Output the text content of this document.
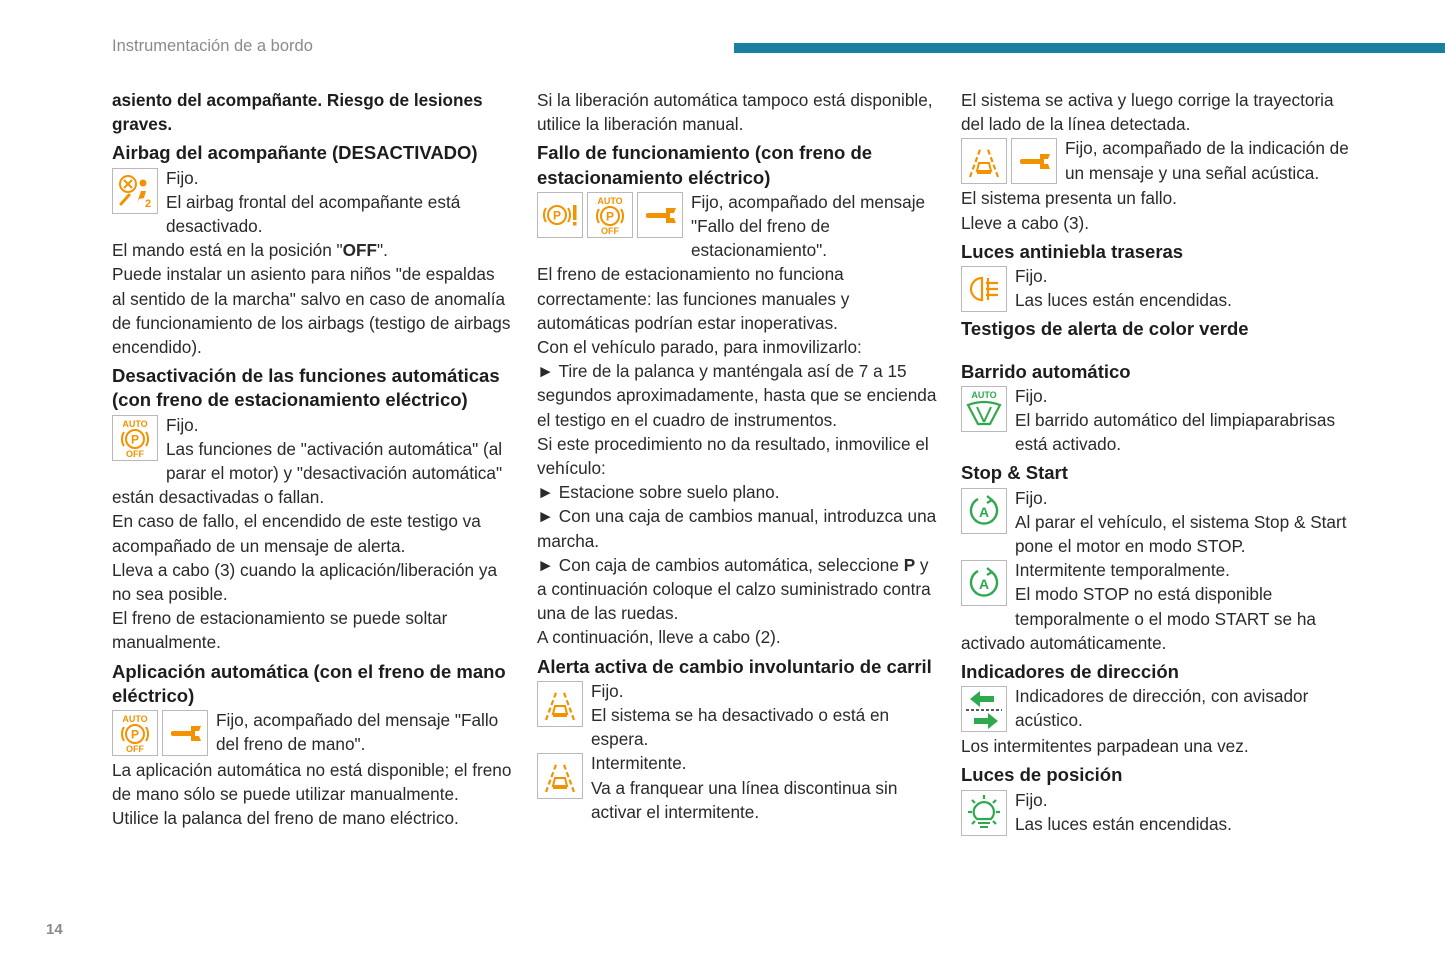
Instrumentación de a bordo

asiento del acompañante. Riesgo de lesiones graves.

Airbag del acompañante (DESACTIVADO)
2

Fijo.

El airbag frontal del acompañante está desactivado.

El mando está en la posición "OFF".

Puede instalar un asiento para niños "de espaldas al sentido de la marcha" salvo en caso de anomalía de funcionamiento de los airbags (testigo de airbags encendido).

Desactivación de las funciones automáticas (con freno de estacionamiento eléctrico)
AUTO
P
OFF

Fijo.

Las funciones de "activación automática" (al parar el motor) y "desactivación automática" están desactivadas o fallan.

En caso de fallo, el encendido de este testigo va acompañado de un mensaje de alerta.

Lleva a cabo (3) cuando la aplicación/liberación ya no sea posible.

El freno de estacionamiento se puede soltar manualmente.

Aplicación automática (con el freno de mano eléctrico)
AUTO
P
OFF

Fijo, acompañado del mensaje "Fallo del freno de mano".

La aplicación automática no está disponible; el freno de mano sólo se puede utilizar manualmente.

Utilice la palanca del freno de mano eléctrico.

Si la liberación automática tampoco está disponible, utilice la liberación manual.

Fallo de funcionamiento (con freno de estacionamiento eléctrico)
P
AUTO
P
OFF

Fijo, acompañado del mensaje "Fallo del freno de estacionamiento".

El freno de estacionamiento no funciona correctamente: las funciones manuales y automáticas podrían estar inoperativas.

Con el vehículo parado, para inmovilizarlo:

► Tire de la palanca y manténgala así de 7 a 15 segundos aproximadamente, hasta que se encienda el testigo en el cuadro de instrumentos.

Si este procedimiento no da resultado, inmovilice el vehículo:

► Estacione sobre suelo plano.

► Con una caja de cambios manual, introduzca una marcha.

► Con caja de cambios automática, seleccione P y a continuación coloque el calzo suministrado contra una de las ruedas.

A continuación, lleve a cabo (2).

Alerta activa de cambio involuntario de carril

Fijo.

El sistema se ha desactivado o está en espera.

Intermitente.

Va a franquear una línea discontinua sin activar el intermitente.

El sistema se activa y luego corrige la trayectoria del lado de la línea detectada.

Fijo, acompañado de la indicación de un mensaje y una señal acústica.

El sistema presenta un fallo.

Lleve a cabo (3).

Luces antiniebla traseras

Fijo.

Las luces están encendidas.

Testigos de alerta de color verde
Barrido automático
AUTO	Fijo.

El barrido automático del limpiaparabrisas está activado.

Stop & Start
A

Fijo.

Al parar el vehículo, el sistema Stop & Start pone el motor en modo STOP.

A

Intermitente temporalmente.

El modo STOP no está disponible temporalmente o el modo START se ha activado automáticamente.

Indicadores de dirección

Indicadores de dirección, con avisador acústico.

Los intermitentes parpadean una vez.

Luces de posición

Fijo.

Las luces están encendidas.

14
